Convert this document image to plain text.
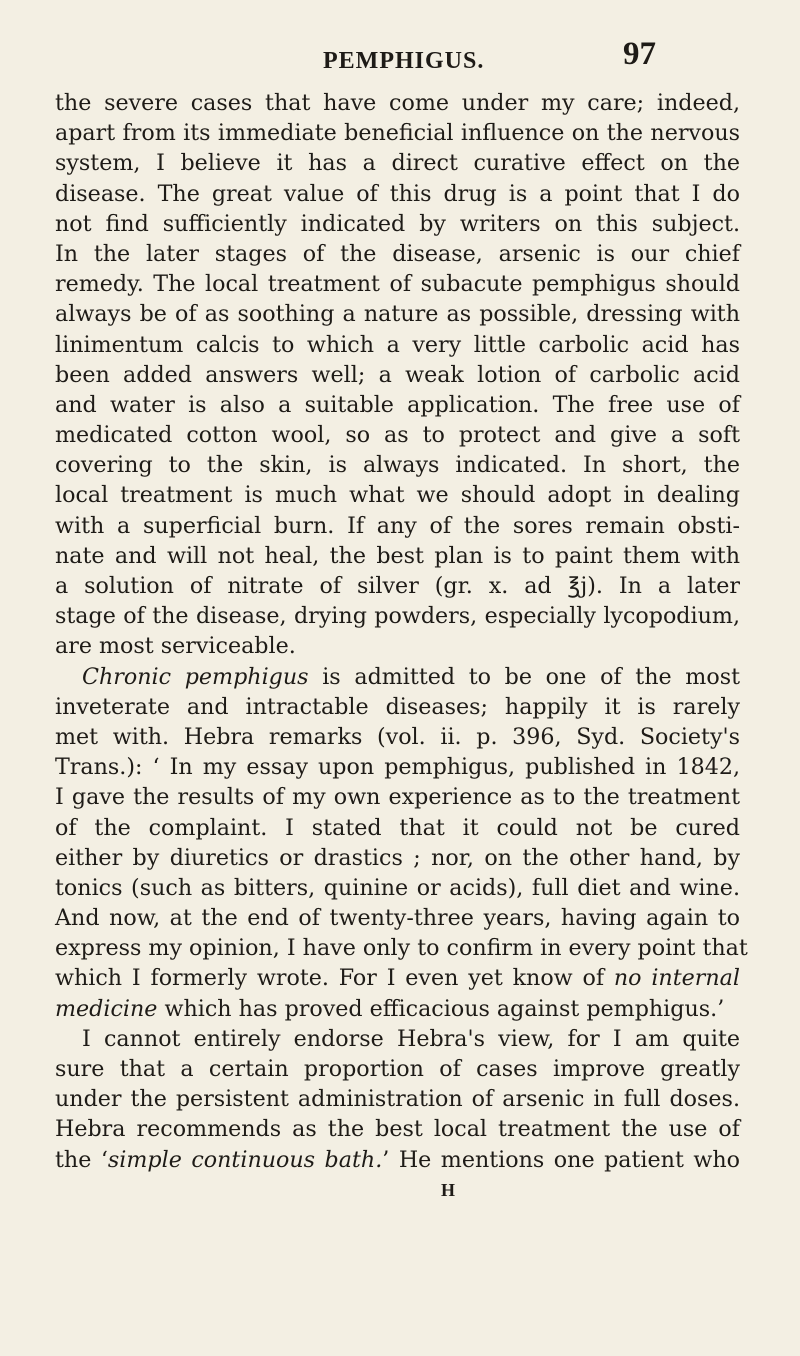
PEMPHIGUS.	97
the severe cases that have come under my care; indeed,
apart from its immediate beneficial influence on the nervous
system, I believe it has a direct curative effect on the
disease. The great value of this drug is a point that I do
not find sufficiently indicated by writers on this subject.
In the later stages of the disease, arsenic is our chief
remedy. The local treatment of subacute pemphigus should
always be of as soothing a nature as possible, dressing with
linimentum calcis to which a very little carbolic acid has
been added answers well; a weak lotion of carbolic acid
and water is also a suitable application. The free use of
medicated cotton wool, so as to protect and give a soft
covering to the skin, is always indicated. In short, the
local treatment is much what we should adopt in dealing
with a superficial burn. If any of the sores remain obsti-
nate and will not heal, the best plan is to paint them with
a solution of nitrate of silver (gr. x. ad ℥j). In a later
stage of the disease, drying powders, especially lycopodium,
are most serviceable.
Chronic pemphigus is admitted to be one of the most
inveterate and intractable diseases; happily it is rarely
met with. Hebra remarks (vol. ii. p. 396, Syd. Society's
Trans.): ‘ In my essay upon pemphigus, published in 1842,
I gave the results of my own experience as to the treatment
of the complaint. I stated that it could not be cured
either by diuretics or drastics ; nor, on the other hand, by
tonics (such as bitters, quinine or acids), full diet and wine.
And now, at the end of twenty-three years, having again to
express my opinion, I have only to confirm in every point that
which I formerly wrote. For I even yet know of no internal
medicine which has proved efficacious against pemphigus.’
I cannot entirely endorse Hebra's view, for I am quite
sure that a certain proportion of cases improve greatly
under the persistent administration of arsenic in full doses.
Hebra recommends as the best local treatment the use of
the ‘simple continuous bath.’ He mentions one patient who
H
